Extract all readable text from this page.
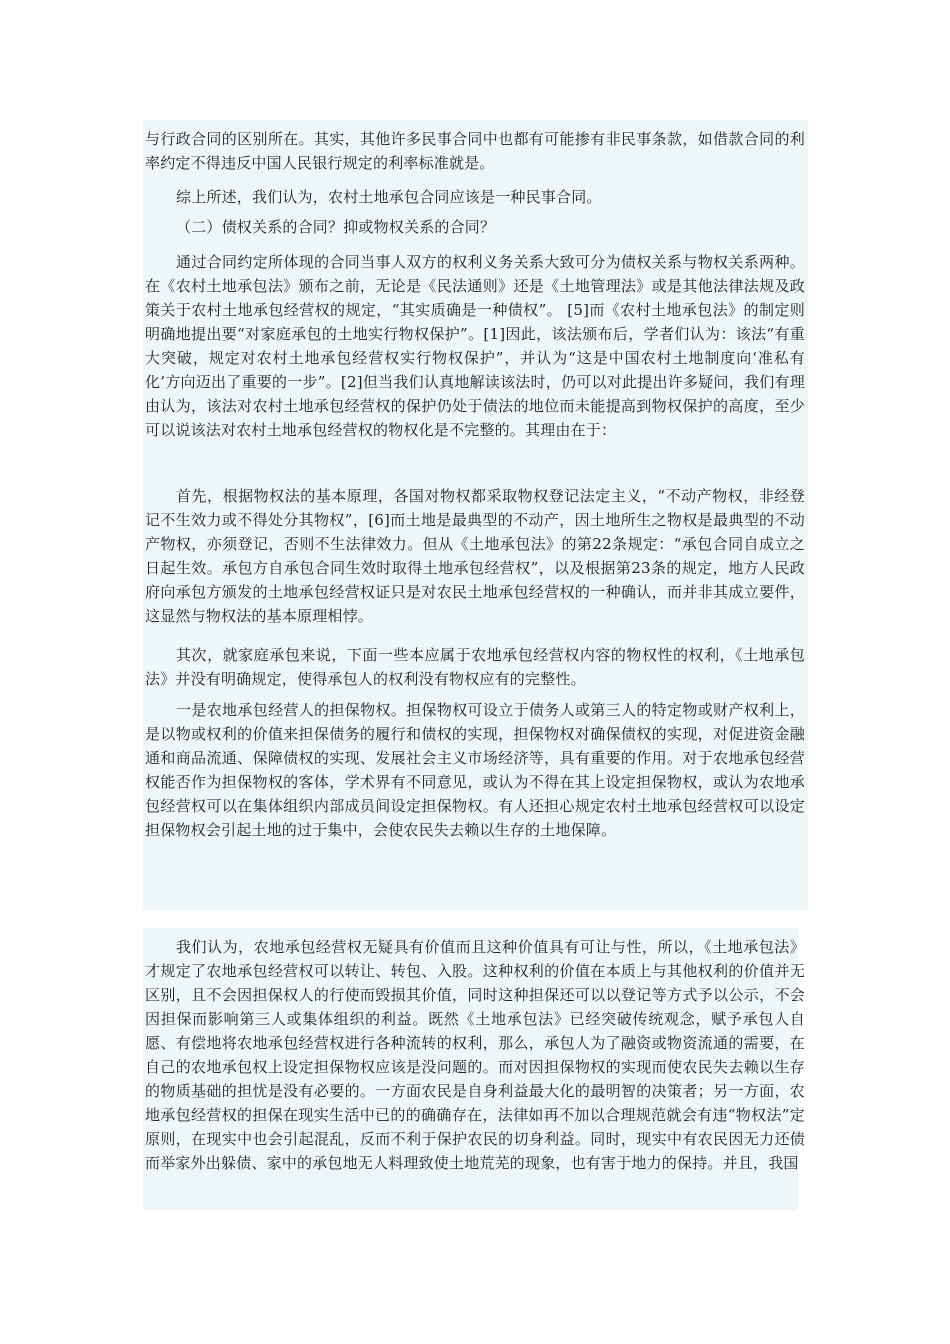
与行政合同的区别所在。其实，其他许多民事合同中也都有可能掺有非民事条款，如借款合同的利率约定不得违反中国人民银行规定的利率标准就是。

综上所述，我们认为，农村土地承包合同应该是一种民事合同。

（二）债权关系的合同？抑或物权关系的合同？

通过合同约定所体现的合同当事人双方的权利义务关系大致可分为债权关系与物权关系两种。在《农村土地承包法》颁布之前，无论是《民法通则》还是《土地管理法》或是其他法律法规及政策关于农村土地承包经营权的规定，“其实质确是一种债权”。 [5]而《农村土地承包法》的制定则明确地提出要“对家庭承包的土地实行物权保护”。[1]因此，该法颁布后，学者们认为：该法“有重大突破，规定对农村土地承包经营权实行物权保护”，并认为“这是中国农村土地制度向‘准私有化’方向迈出了重要的一步”。[2]但当我们认真地解读该法时，仍可以对此提出许多疑问，我们有理由认为，该法对农村土地承包经营权的保护仍处于债法的地位而未能提高到物权保护的高度，至少可以说该法对农村土地承包经营权的物权化是不完整的。其理由在于：

首先，根据物权法的基本原理，各国对物权都采取物权登记法定主义，“不动产物权，非经登记不生效力或不得处分其物权”，[6]而土地是最典型的不动产，因土地所生之物权是最典型的不动产物权，亦须登记，否则不生法律效力。但从《土地承包法》的第22条规定：“承包合同自成立之日起生效。承包方自承包合同生效时取得土地承包经营权”，以及根据第23条的规定，地方人民政府向承包方颁发的土地承包经营权证只是对农民土地承包经营权的一种确认，而并非其成立要件，这显然与物权法的基本原理相悖。

其次，就家庭承包来说，下面一些本应属于农地承包经营权内容的物权性的权利，《土地承包法》并没有明确规定，使得承包人的权利没有物权应有的完整性。

一是农地承包经营人的担保物权。担保物权可设立于债务人或第三人的特定物或财产权利上，是以物或权利的价值来担保债务的履行和债权的实现，担保物权对确保债权的实现，对促进资金融通和商品流通、保障债权的实现、发展社会主义市场经济等，具有重要的作用。对于农地承包经营权能否作为担保物权的客体，学术界有不同意见，或认为不得在其上设定担保物权，或认为农地承包经营权可以在集体组织内部成员间设定担保物权。有人还担心规定农村土地承包经营权可以设定担保物权会引起土地的过于集中，会使农民失去赖以生存的土地保障。

我们认为，农地承包经营权无疑具有价值而且这种价值具有可让与性，所以，《土地承包法》才规定了农地承包经营权可以转让、转包、入股。这种权利的价值在本质上与其他权利的价值并无区别，且不会因担保权人的行使而毁损其价值，同时这种担保还可以以登记等方式予以公示，不会因担保而影响第三人或集体组织的利益。既然《土地承包法》已经突破传统观念，赋予承包人自愿、有偿地将农地承包经营权进行各种流转的权利，那么，承包人为了融资或物资流通的需要，在自己的农地承包权上设定担保物权应该是没问题的。而对因担保物权的实现而使农民失去赖以生存的物质基础的担忧是没有必要的。一方面农民是自身利益最大化的最明智的决策者；另一方面，农地承包经营权的担保在现实生活中已的的确确存在，法律如再不加以合理规范就会有违“物权法”定原则，在现实中也会引起混乱，反而不利于保护农民的切身利益。同时，现实中有农民因无力还债而举家外出躲债、家中的承包地无人料理致使土地荒芜的现象，也有害于地力的保持。并且，我国
